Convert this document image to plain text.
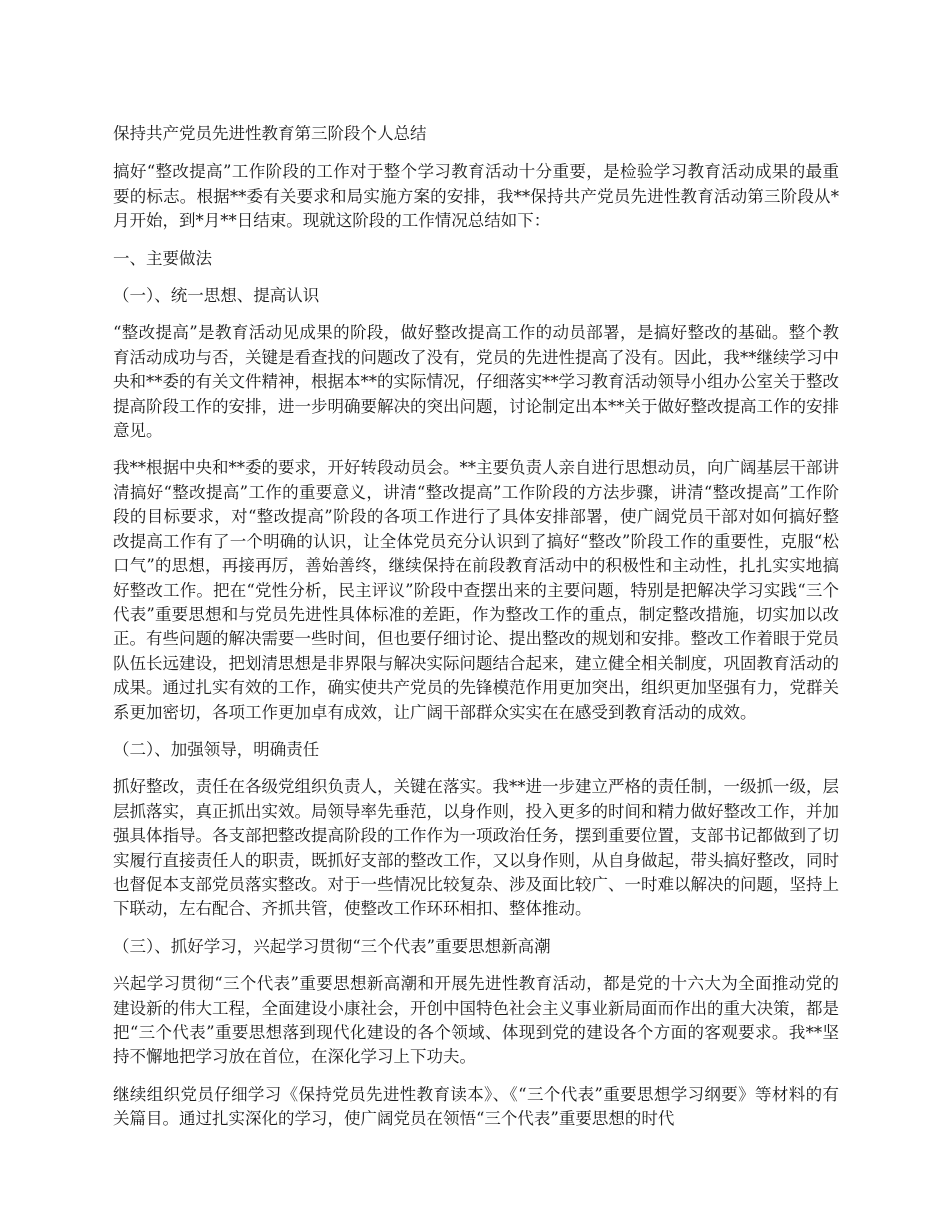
保持共产党员先进性教育第三阶段个人总结

搞好“整改提高”工作阶段的工作对于整个学习教育活动十分重要，是检验学习教育活动成果的最重要的标志。根据**委有关要求和局实施方案的安排，我**保持共产党员先进性教育活动第三阶段从*月开始，到*月**日结束。现就这阶段的工作情况总结如下：

一、主要做法

（一）、统一思想、提高认识

“整改提高”是教育活动见成果的阶段，做好整改提高工作的动员部署，是搞好整改的基础。整个教育活动成功与否，关键是看查找的问题改了没有，党员的先进性提高了没有。因此，我**继续学习中央和**委的有关文件精神，根据本**的实际情况，仔细落实**学习教育活动领导小组办公室关于整改提高阶段工作的安排，进一步明确要解决的突出问题，讨论制定出本**关于做好整改提高工作的安排意见。

我**根据中央和**委的要求，开好转段动员会。**主要负责人亲自进行思想动员，向广阔基层干部讲清搞好“整改提高”工作的重要意义，讲清“整改提高”工作阶段的方法步骤，讲清“整改提高”工作阶段的目标要求，对“整改提高”阶段的各项工作进行了具体安排部署，使广阔党员干部对如何搞好整改提高工作有了一个明确的认识，让全体党员充分认识到了搞好“整改”阶段工作的重要性，克服“松口气”的思想，再接再厉，善始善终，继续保持在前段教育活动中的积极性和主动性，扎扎实实地搞好整改工作。把在“党性分析，民主评议”阶段中查摆出来的主要问题，特别是把解决学习实践“三个代表”重要思想和与党员先进性具体标准的差距，作为整改工作的重点，制定整改措施，切实加以改正。有些问题的解决需要一些时间，但也要仔细讨论、提出整改的规划和安排。整改工作着眼于党员队伍长远建设，把划清思想是非界限与解决实际问题结合起来，建立健全相关制度，巩固教育活动的成果。通过扎实有效的工作，确实使共产党员的先锋模范作用更加突出，组织更加坚强有力，党群关系更加密切，各项工作更加卓有成效，让广阔干部群众实实在在感受到教育活动的成效。

（二）、加强领导，明确责任

抓好整改，责任在各级党组织负责人，关键在落实。我**进一步建立严格的责任制，一级抓一级，层层抓落实，真正抓出实效。局领导率先垂范，以身作则，投入更多的时间和精力做好整改工作，并加强具体指导。各支部把整改提高阶段的工作作为一项政治任务，摆到重要位置，支部书记都做到了切实履行直接责任人的职责，既抓好支部的整改工作，又以身作则，从自身做起，带头搞好整改，同时也督促本支部党员落实整改。对于一些情况比较复杂、涉及面比较广、一时难以解决的问题，坚持上下联动，左右配合、齐抓共管，使整改工作环环相扣、整体推动。

（三）、抓好学习，兴起学习贯彻“三个代表”重要思想新高潮

兴起学习贯彻“三个代表”重要思想新高潮和开展先进性教育活动，都是党的十六大为全面推动党的建设新的伟大工程，全面建设小康社会，开创中国特色社会主义事业新局面而作出的重大决策，都是把“三个代表”重要思想落到现代化建设的各个领域、体现到党的建设各个方面的客观要求。我**坚持不懈地把学习放在首位，在深化学习上下功夫。

继续组织党员仔细学习《保持党员先进性教育读本》、《“三个代表”重要思想学习纲要》等材料的有关篇目。通过扎实深化的学习，使广阔党员在领悟“三个代表”重要思想的时代
